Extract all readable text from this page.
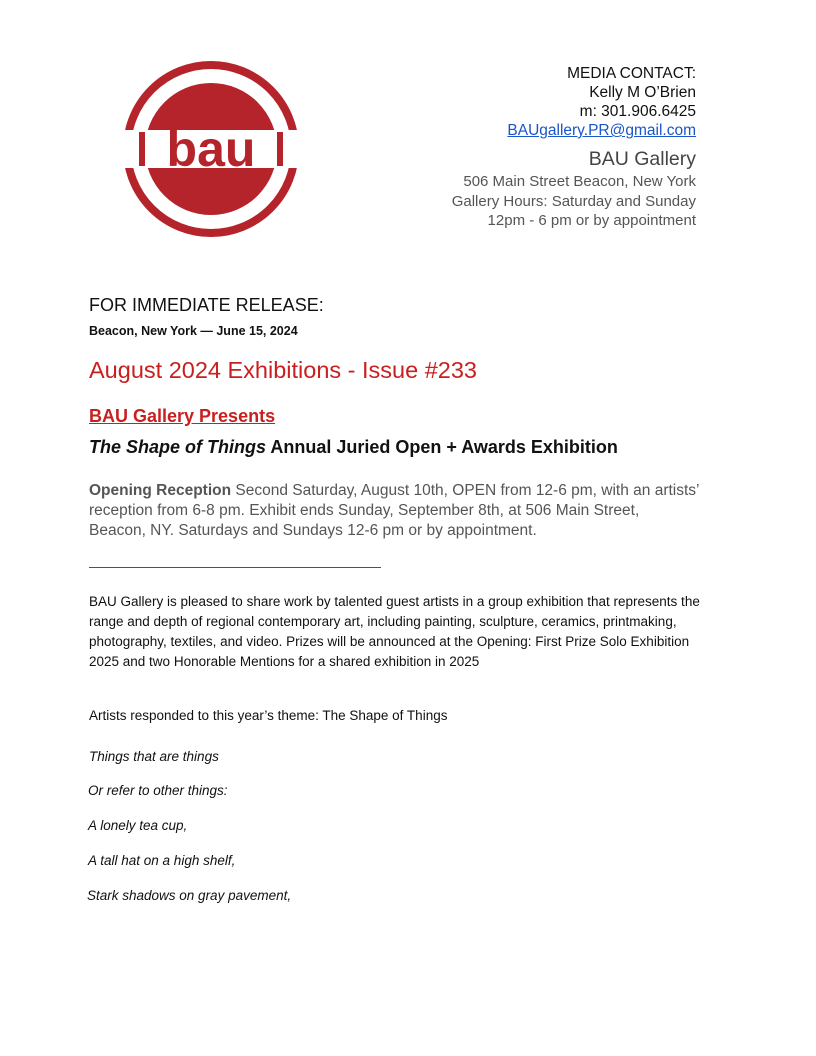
bau
MEDIA CONTACT:
Kelly M O’Brien
m: 301.906.6425
BAUgallery.PR@gmail.com
BAU Gallery
506 Main Street Beacon, New York
Gallery Hours: Saturday and Sunday
12pm - 6 pm or by appointment
FOR IMMEDIATE RELEASE:
Beacon, New York — June 15, 2024
August 2024 Exhibitions - Issue #233
BAU Gallery Presents
The Shape of Things Annual Juried Open + Awards Exhibition
Opening Reception Second Saturday, August 10th, OPEN from 12-6 pm, with an artists’ reception from 6-8 pm. Exhibit ends Sunday, September 8th, at 506 Main Street, Beacon, NY. Saturdays and Sundays 12-6 pm or by appointment.
BAU Gallery is pleased to share work by talented guest artists in a group exhibition that represents the range and depth of regional contemporary art, including painting, sculpture, ceramics, printmaking, photography, textiles, and video. Prizes will be announced at the Opening: First Prize Solo Exhibition 2025 and two Honorable Mentions for a shared exhibition in 2025
Artists responded to this year’s theme: The Shape of Things
Things that are things
Or refer to other things:
A lonely tea cup,
A tall hat on a high shelf,
Stark shadows on gray pavement,
